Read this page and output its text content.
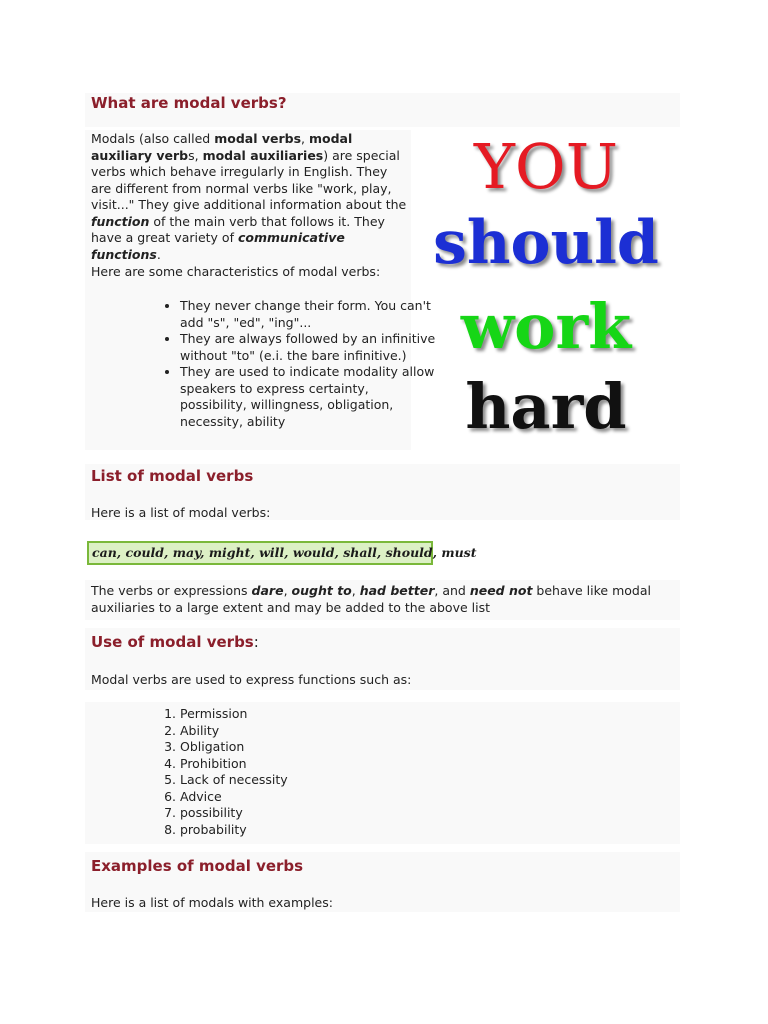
What are modal verbs?

Modals (also called modal verbs, modal auxiliary verbs, modal auxiliaries) are special verbs which behave irregularly in English. They are different from normal verbs like "work, play, visit..." They give additional information about the function of the main verb that follows it. They have a great variety of communicative functions.

Here are some characteristics of modal verbs:

• They never change their form. You can't add "s", "ed", "ing"...
• They are always followed by an infinitive without "to" (e.i. the bare infinitive.)
• They are used to indicate modality allow speakers to express certainty, possibility, willingness, obligation, necessity, ability
YOU
should
work
hard
List of modal verbs

Here is a list of modal verbs:

can, could, may, might, will, would, shall, should, must

The verbs or expressions dare, ought to, had better, and need not behave like modal auxiliaries to a large extent and may be added to the above list

Use of modal verbs:

Modal verbs are used to express functions such as:

1. Permission
2. Ability
3. Obligation
4. Prohibition
5. Lack of necessity
6. Advice
7. possibility
8. probability
Examples of modal verbs

Here is a list of modals with examples:
